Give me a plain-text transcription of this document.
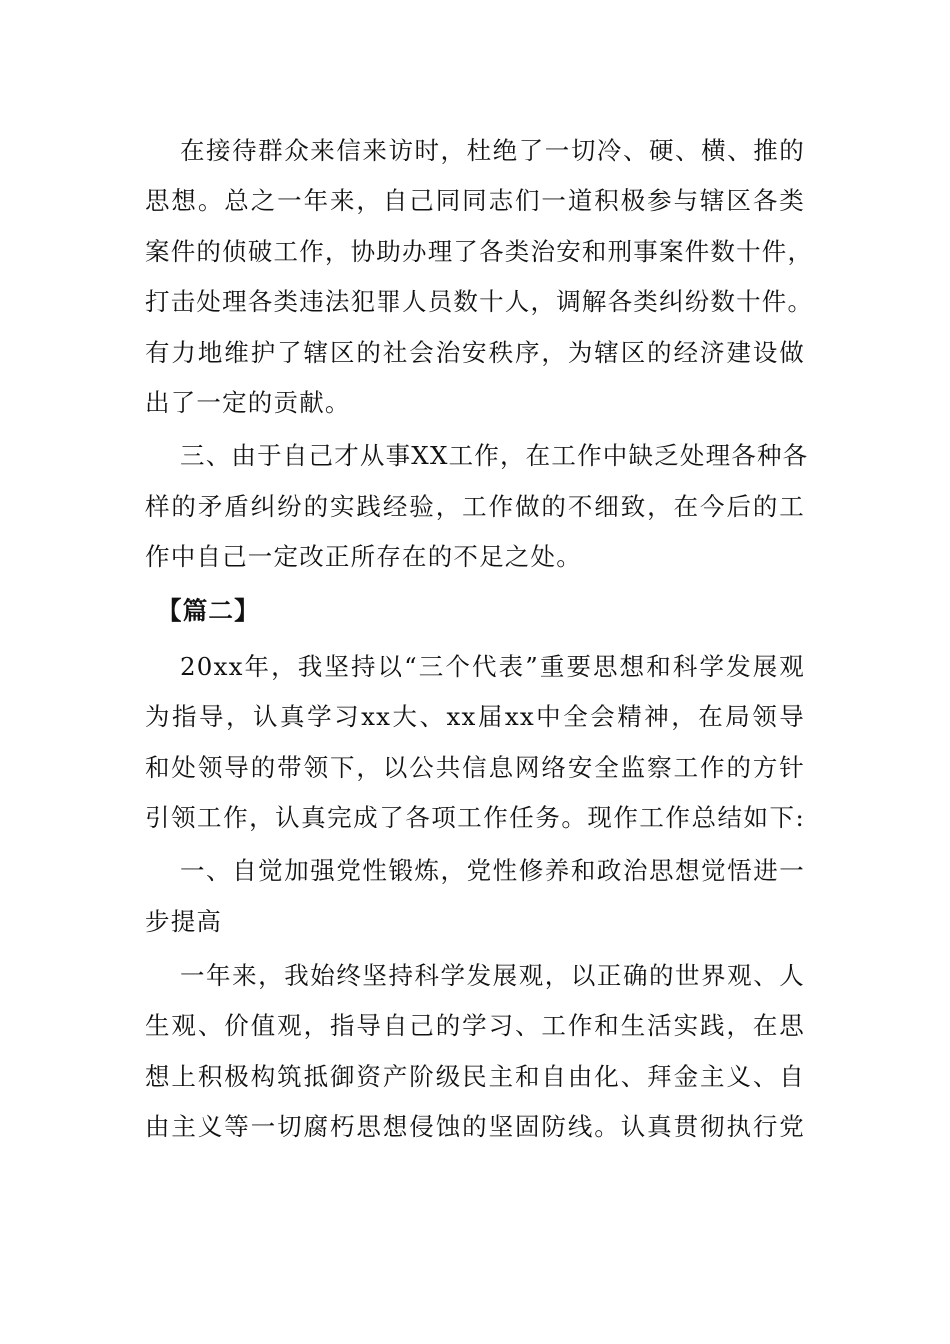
在接待群众来信来访时，杜绝了一切冷、硬、横、推的
思想。总之一年来，自己同同志们一道积极参与辖区各类
案件的侦破工作，协助办理了各类治安和刑事案件数十件，
打击处理各类违法犯罪人员数十人，调解各类纠纷数十件。
有力地维护了辖区的社会治安秩序，为辖区的经济建设做
出了一定的贡献。
三、由于自己才从事XX工作，在工作中缺乏处理各种各
样的矛盾纠纷的实践经验，工作做的不细致，在今后的工
作中自己一定改正所存在的不足之处。
【篇二】
20xx年，我坚持以“三个代表”重要思想和科学发展观
为指导，认真学习xx大、xx届xx中全会精神，在局领导
和处领导的带领下，以公共信息网络安全监察工作的方针
引领工作，认真完成了各项工作任务。现作工作总结如下:
一、自觉加强党性锻炼，党性修养和政治思想觉悟进一
步提高
一年来，我始终坚持科学发展观，以正确的世界观、人
生观、价值观，指导自己的学习、工作和生活实践，在思
想上积极构筑抵御资产阶级民主和自由化、拜金主义、自
由主义等一切腐朽思想侵蚀的坚固防线。认真贯彻执行党
